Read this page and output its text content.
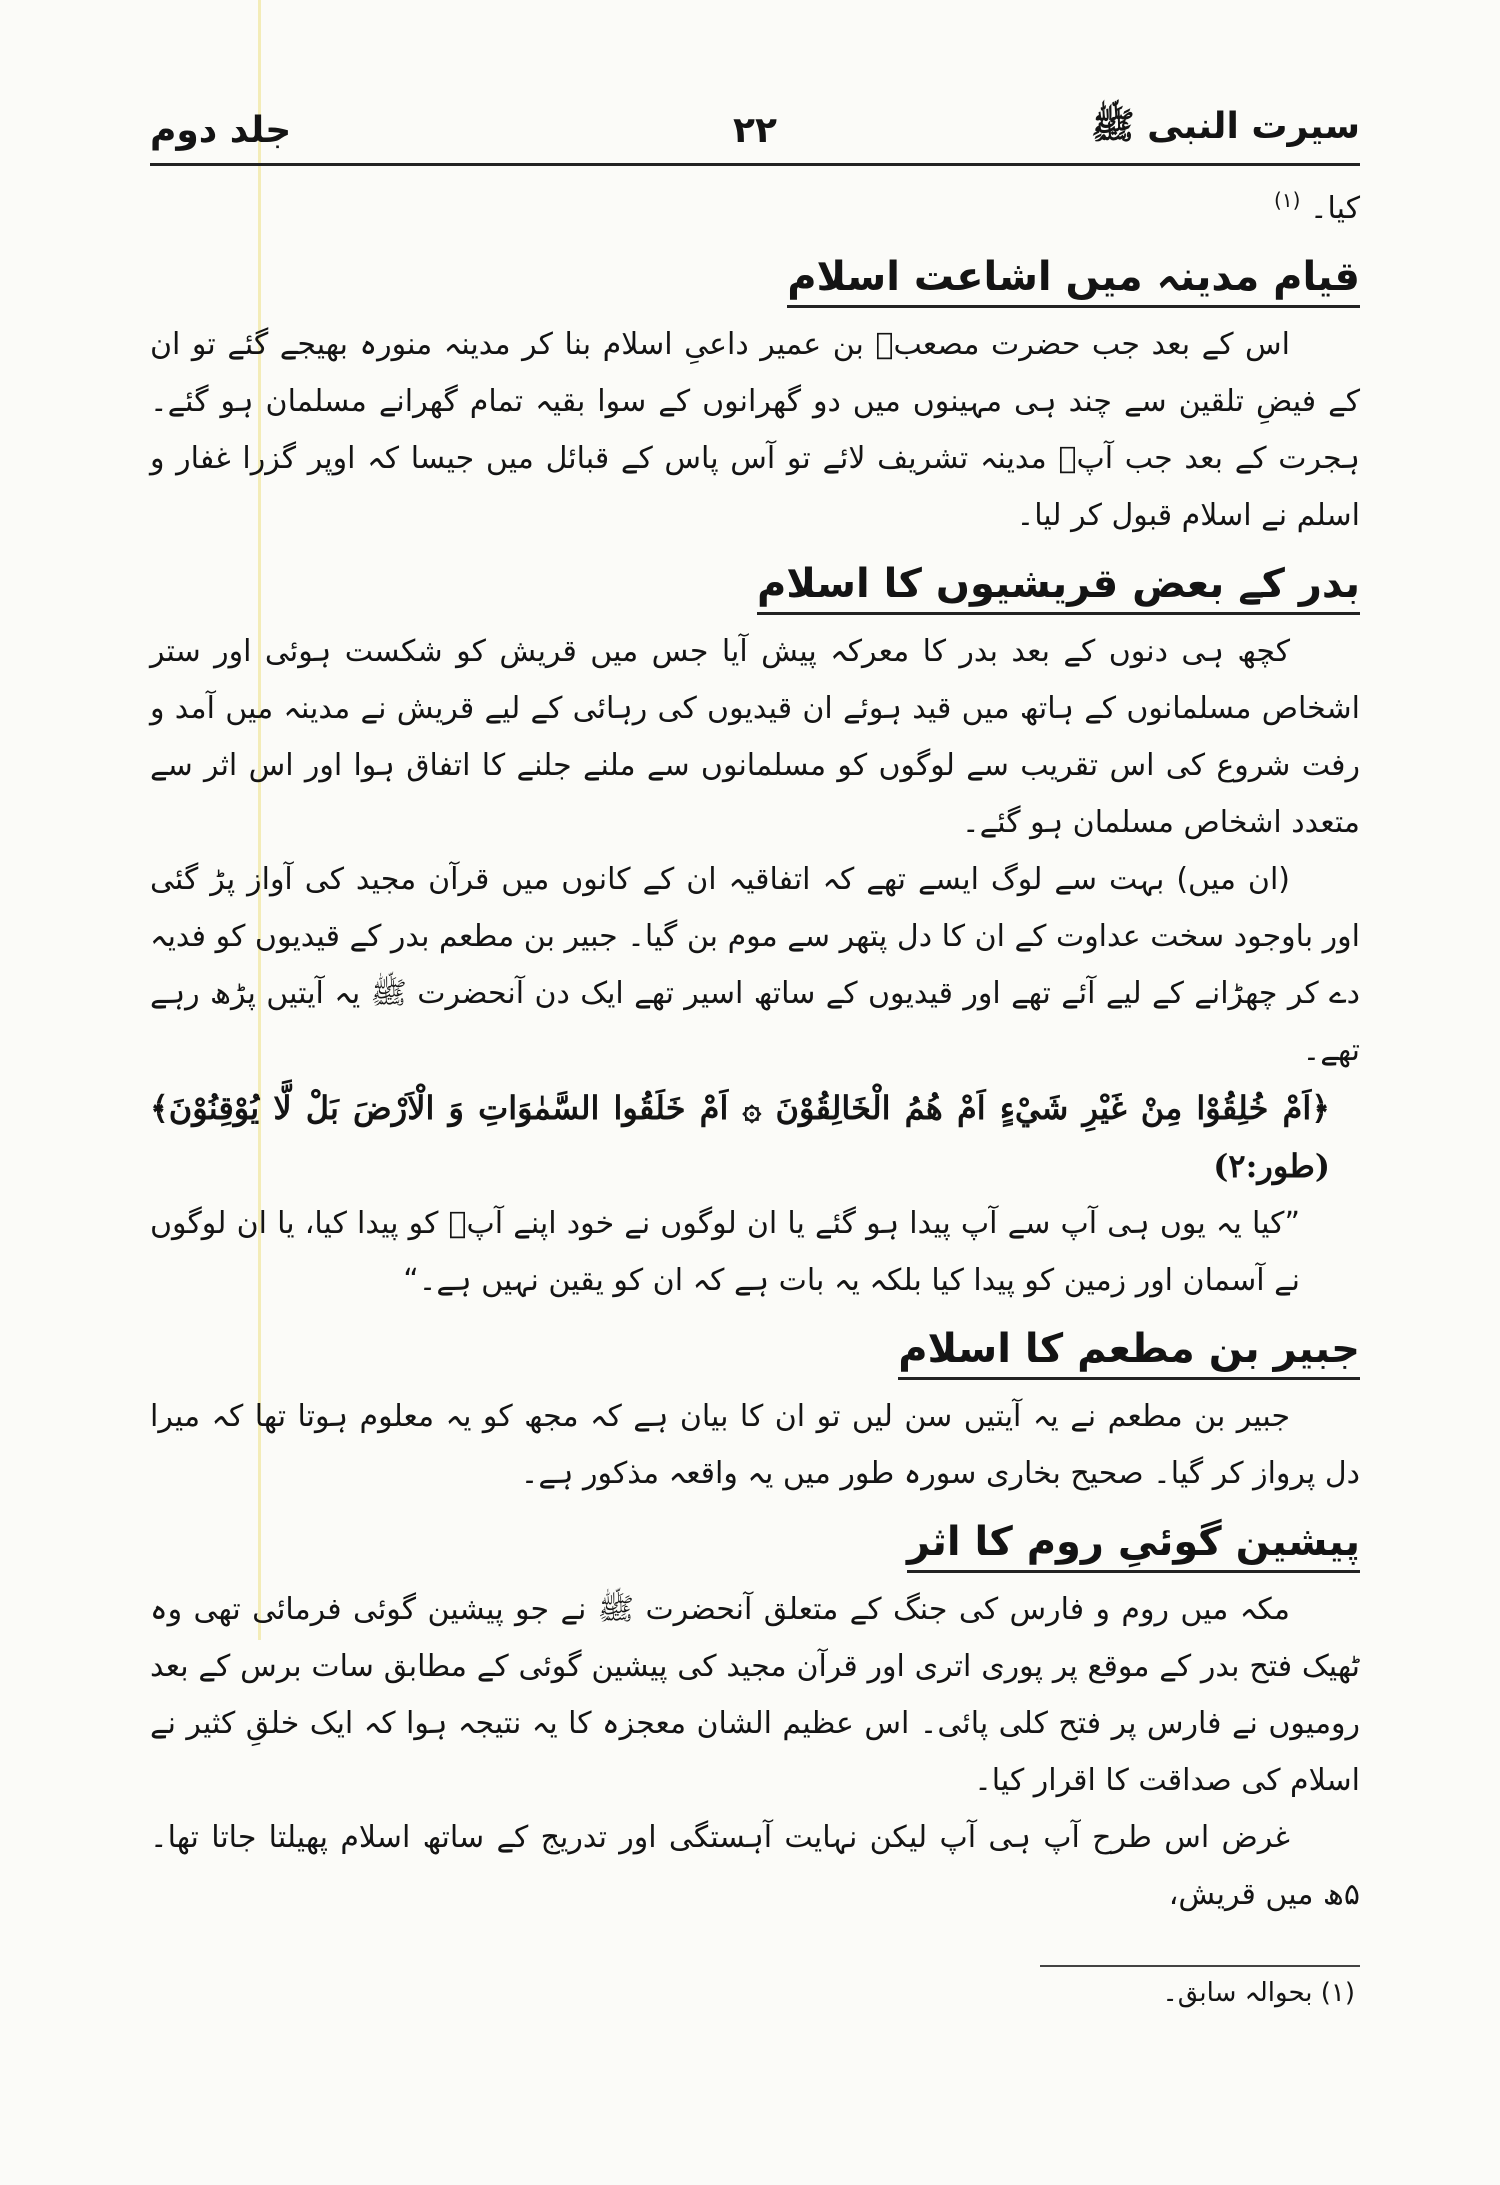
سیرت النبی ﷺ
۲۲
جلد دوم

کیا۔ $^{(۱)}$

قیام مدینہ میں اشاعت اسلام

اس کے بعد جب حضرت مصعبؓ بن عمیر داعیِ اسلام بنا کر مدینہ منورہ بھیجے گئے تو ان کے فیضِ تلقین سے چند ہی مہینوں میں دو گھرانوں کے سوا بقیہ تمام گھرانے مسلمان ہو گئے۔ ہجرت کے بعد جب آپؐ مدینہ تشریف لائے تو آس پاس کے قبائل میں جیسا کہ اوپر گزرا غفار و اسلم نے اسلام قبول کر لیا۔

بدر کے بعض قریشیوں کا اسلام

کچھ ہی دنوں کے بعد بدر کا معرکہ پیش آیا جس میں قریش کو شکست ہوئی اور ستر اشخاص مسلمانوں کے ہاتھ میں قید ہوئے ان قیدیوں کی رہائی کے لیے قریش نے مدینہ میں آمد و رفت شروع کی اس تقریب سے لوگوں کو مسلمانوں سے ملنے جلنے کا اتفاق ہوا اور اس اثر سے متعدد اشخاص مسلمان ہو گئے۔

(ان میں) بہت سے لوگ ایسے تھے کہ اتفاقیہ ان کے کانوں میں قرآن مجید کی آواز پڑ گئی اور باوجود سخت عداوت کے ان کا دل پتھر سے موم بن گیا۔ جبیر بن مطعم بدر کے قیدیوں کو فدیہ دے کر چھڑانے کے لیے آئے تھے اور قیدیوں کے ساتھ اسیر تھے ایک دن آنحضرت ﷺ یہ آیتیں پڑھ رہے تھے۔

﴿اَمْ خُلِقُوْا مِنْ غَيْرِ شَيْءٍ اَمْ هُمُ الْخَالِقُوْنَ ۞ اَمْ خَلَقُوا السَّمٰوَاتِ وَ الْاَرْضَ بَلْ لَّا يُوْقِنُوْنَ﴾ (طور:۲)

”کیا یہ یوں ہی آپ سے آپ پیدا ہو گئے یا ان لوگوں نے خود اپنے آپؐ کو پیدا کیا، یا ان لوگوں نے آسمان اور زمین کو پیدا کیا بلکہ یہ بات ہے کہ ان کو یقین نہیں ہے۔“

جبیر بن مطعم کا اسلام

جبیر بن مطعم نے یہ آیتیں سن لیں تو ان کا بیان ہے کہ مجھ کو یہ معلوم ہوتا تھا کہ میرا دل پرواز کر گیا۔ صحیح بخاری سورہ طور میں یہ واقعہ مذکور ہے۔

پیشین گوئیِ روم کا اثر

مکہ میں روم و فارس کی جنگ کے متعلق آنحضرت ﷺ نے جو پیشین گوئی فرمائی تھی وہ ٹھیک فتح بدر کے موقع پر پوری اتری اور قرآن مجید کی پیشین گوئی کے مطابق سات برس کے بعد رومیوں نے فارس پر فتح کلی پائی۔ اس عظیم الشان معجزہ کا یہ نتیجہ ہوا کہ ایک خلقِ کثیر نے اسلام کی صداقت کا اقرار کیا۔

غرض اس طرح آپ ہی آپ لیکن نہایت آہستگی اور تدریج کے ساتھ اسلام پھیلتا جاتا تھا۔ ۵ھ میں قریش،

(۱) بحوالہ سابق۔
